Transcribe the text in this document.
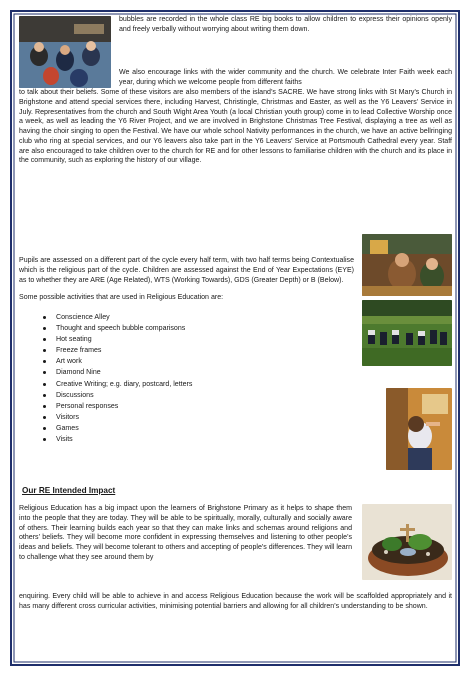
bubbles are recorded in the whole class RE big books to allow children to express their opinions openly and freely verbally without worrying about writing them down.

We also encourage links with the wider community and the church. We celebrate Inter Faith week each year, during which we welcome people from different faiths

to talk about their beliefs. Some of these visitors are also members of the island’s SACRE. We have strong links with St Mary’s Church in Brighstone and attend special services there, including Harvest, Christingle, Christmas and Easter, as well as the Y6 Leavers’ Service in July. Representatives from the church and South Wight Area Youth (a local Christian youth group) come in to lead Collective Worship once a week, as well as leading the Y6 River Project, and we are involved in Brighstone Christmas Tree Festival, displaying a tree as well as having the choir singing to open the Festival. We have our whole school Nativity performances in the church, we have an active bellringing club who ring at special services, and our Y6 leavers also take part in the Y6 Leavers’ Service at Portsmouth Cathedral every year. Staff are also encouraged to take children over to the church for RE and for other lessons to familiarise children with the church and its place in the community, such as exploring the history of our village.

Pupils are assessed on a different part of the cycle every half term, with two half terms being Contextualise which is the religious part of the cycle. Children are assessed against the End of Year Expectations (EYE) as to whether they are ARE (Age Related), WTS (Working Towards), GDS (Greater Depth) or B (Below).

Some possible activities that are used in Religious Education are:

Conscience Alley
Thought and speech bubble comparisons
Hot seating
Freeze frames
Art work
Diamond Nine
Creative Writing; e.g. diary, postcard, letters
Discussions
Personal responses
Visitors
Games
Visits
Our RE Intended Impact

Religious Education has a big impact upon the learners of Brighstone Primary as it helps to shape them into the people that they are today. They will be able to be spiritually, morally, culturally and socially aware of others. Their learning builds each year so that they can make links and schemas around religions and others’ beliefs. They will become more confident in expressing themselves and listening to other people’s ideas and beliefs. They will become tolerant to others and accepting of people’s differences. They will learn to challenge what they see around them by

enquiring. Every child will be able to achieve in and access Religious Education because the work will be scaffolded appropriately and it has many different cross curricular activities, minimising potential barriers and allowing for all children’s understanding to be shown.
